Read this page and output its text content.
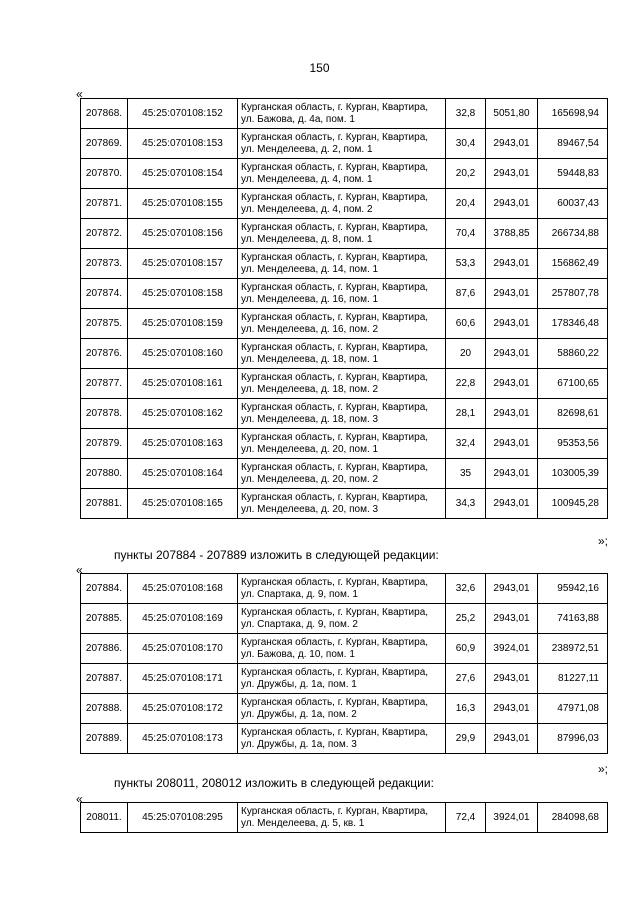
150
«
207868.	45:25:070108:152	Курганская область, г. Курган, Квартира, ул. Бажова, д. 4а, пом. 1	32,8	5051,80	165698,94
207869.	45:25:070108:153	Курганская область, г. Курган, Квартира, ул. Менделеева, д. 2, пом. 1	30,4	2943,01	89467,54
207870.	45:25:070108:154	Курганская область, г. Курган, Квартира, ул. Менделеева, д. 4, пом. 1	20,2	2943,01	59448,83
207871.	45:25:070108:155	Курганская область, г. Курган, Квартира, ул. Менделеева, д. 4, пом. 2	20,4	2943,01	60037,43
207872.	45:25:070108:156	Курганская область, г. Курган, Квартира, ул. Менделеева, д. 8, пом. 1	70,4	3788,85	266734,88
207873.	45:25:070108:157	Курганская область, г. Курган, Квартира, ул. Менделеева, д. 14, пом. 1	53,3	2943,01	156862,49
207874.	45:25:070108:158	Курганская область, г. Курган, Квартира, ул. Менделеева, д. 16, пом. 1	87,6	2943,01	257807,78
207875.	45:25:070108:159	Курганская область, г. Курган, Квартира, ул. Менделеева, д. 16, пом. 2	60,6	2943,01	178346,48
207876.	45:25:070108:160	Курганская область, г. Курган, Квартира, ул. Менделеева, д. 18, пом. 1	20	2943,01	58860,22
207877.	45:25:070108:161	Курганская область, г. Курган, Квартира, ул. Менделеева, д. 18, пом. 2	22,8	2943,01	67100,65
207878.	45:25:070108:162	Курганская область, г. Курган, Квартира, ул. Менделеева, д. 18, пом. 3	28,1	2943,01	82698,61
207879.	45:25:070108:163	Курганская область, г. Курган, Квартира, ул. Менделеева, д. 20, пом. 1	32,4	2943,01	95353,56
207880.	45:25:070108:164	Курганская область, г. Курган, Квартира, ул. Менделеева, д. 20, пом. 2	35	2943,01	103005,39
207881.	45:25:070108:165	Курганская область, г. Курган, Квартира, ул. Менделеева, д. 20, пом. 3	34,3	2943,01	100945,28
»;
пункты 207884 - 207889 изложить в следующей редакции:
«
207884.	45:25:070108:168	Курганская область, г. Курган, Квартира, ул. Спартака, д. 9, пом. 1	32,6	2943,01	95942,16
207885.	45:25:070108:169	Курганская область, г. Курган, Квартира, ул. Спартака, д. 9, пом. 2	25,2	2943,01	74163,88
207886.	45:25:070108:170	Курганская область, г. Курган, Квартира, ул. Бажова, д. 10, пом. 1	60,9	3924,01	238972,51
207887.	45:25:070108:171	Курганская область, г. Курган, Квартира, ул. Дружбы, д. 1а, пом. 1	27,6	2943,01	81227,11
207888.	45:25:070108:172	Курганская область, г. Курган, Квартира, ул. Дружбы, д. 1а, пом. 2	16,3	2943,01	47971,08
207889.	45:25:070108:173	Курганская область, г. Курган, Квартира, ул. Дружбы, д. 1а, пом. 3	29,9	2943,01	87996,03
»;
пункты 208011, 208012 изложить в следующей редакции:
«
208011.	45:25:070108:295	Курганская область, г. Курган, Квартира, ул. Менделеева, д. 5, кв. 1	72,4	3924,01	284098,68
